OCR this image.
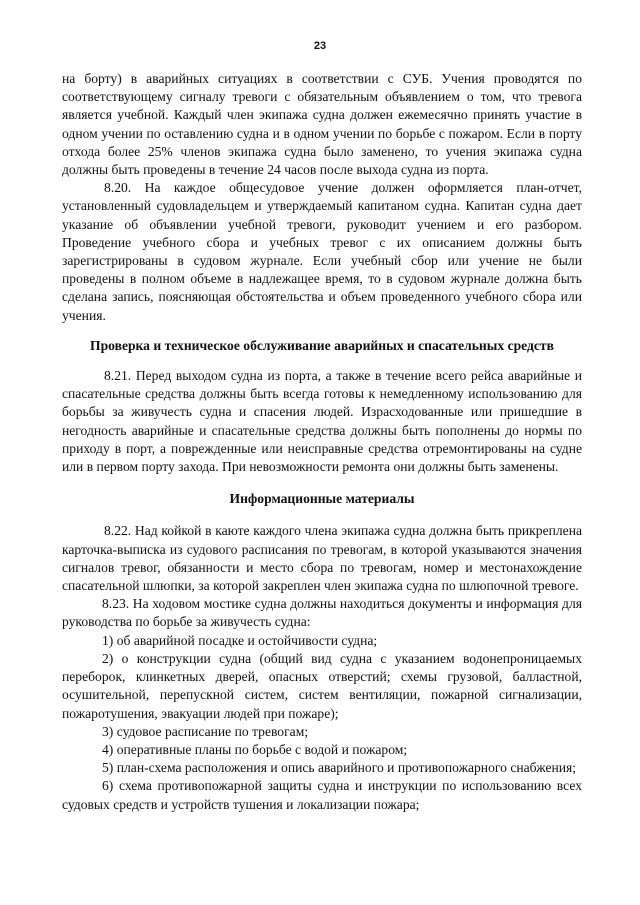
23

на борту) в аварийных ситуациях в соответствии с СУБ. Учения проводятся по соответствующему сигналу тревоги с обязательным объявлением о том, что тревога является учебной. Каждый член экипажа судна должен ежемесячно принять участие в одном учении по оставлению судна и в одном учении по борьбе с пожаром. Если в порту отхода более 25% членов экипажа судна было заменено, то учения экипажа судна должны быть проведены в течение 24 часов после выхода судна из порта.

8.20. На каждое общесудовое учение должен оформляется план-отчет, установленный судовладельцем и утверждаемый капитаном судна. Капитан судна дает указание об объявлении учебной тревоги, руководит учением и его разбором. Проведение учебного сбора и учебных тревог с их описанием должны быть зарегистрированы в судовом журнале. Если учебный сбор или учение не были проведены в полном объеме в надлежащее время, то в судовом журнале должна быть сделана запись, поясняющая обстоятельства и объем проведенного учебного сбора или учения.

Проверка и техническое обслуживание аварийных и спасательных средств

8.21. Перед выходом судна из порта, а также в течение всего рейса аварийные и спасательные средства должны быть всегда готовы к немедленному использованию для борьбы за живучесть судна и спасения людей. Израсходованные или пришедшие в негодность аварийные и спасательные средства должны быть пополнены до нормы по приходу в порт, а поврежденные или неисправные средства отремонтированы на судне или в первом порту захода. При невозможности ремонта они должны быть заменены.

Информационные материалы

8.22. Над койкой в каюте каждого члена экипажа судна должна быть прикреплена карточка-выписка из судового расписания по тревогам, в которой указываются значения сигналов тревог, обязанности и место сбора по тревогам, номер и местонахождение спасательной шлюпки, за которой закреплен член экипажа судна по шлюпочной тревоге.

8.23. На ходовом мостике судна должны находиться документы и информация для руководства по борьбе за живучесть судна:

1) об аварийной посадке и остойчивости судна;

2) о конструкции судна (общий вид судна с указанием водонепроницаемых переборок, клинкетных дверей, опасных отверстий; схемы грузовой, балластной, осушительной, перепускной систем, систем вентиляции, пожарной сигнализации, пожаротушения, эвакуации людей при пожаре);

3) судовое расписание по тревогам;

4) оперативные планы по борьбе с водой и пожаром;

5) план-схема расположения и опись аварийного и противопожарного снабжения;

6) схема противопожарной защиты судна и инструкции по использованию всех судовых средств и устройств тушения и локализации пожара;
